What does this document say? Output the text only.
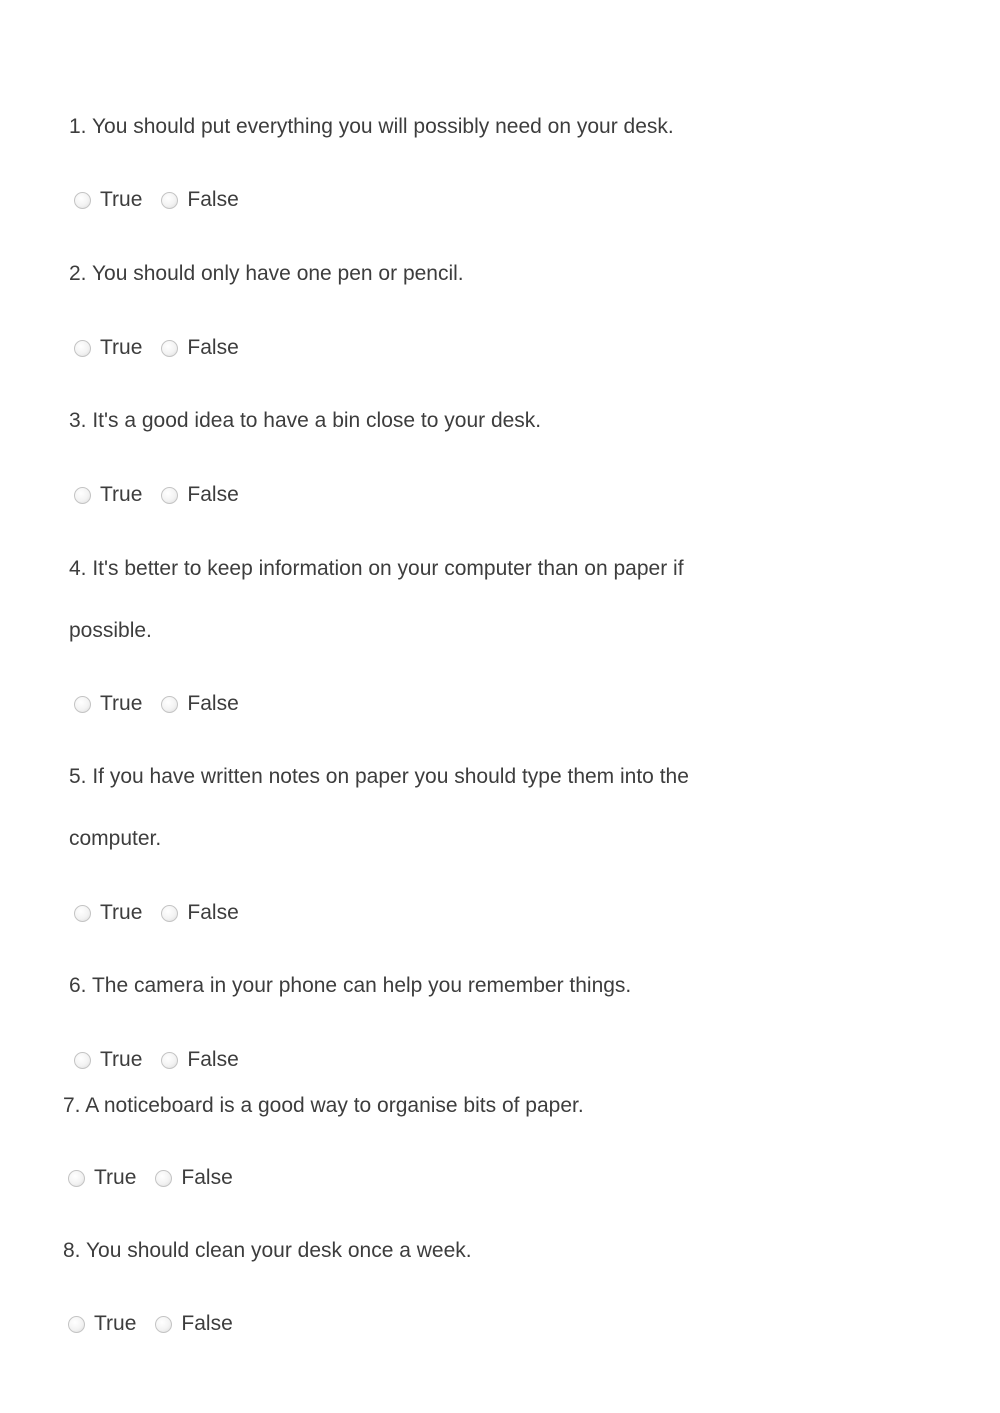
1. You should put everything you will possibly need on your desk.

True False

2. You should only have one pen or pencil.

True False

3. It's a good idea to have a bin close to your desk.

True False

4. It's better to keep information on your computer than on paper if possible.

True False

5. If you have written notes on paper you should type them into the computer.

True False

6. The camera in your phone can help you remember things.

True False

7. A noticeboard is a good way to organise bits of paper.

True False

8. You should clean your desk once a week.

True False
